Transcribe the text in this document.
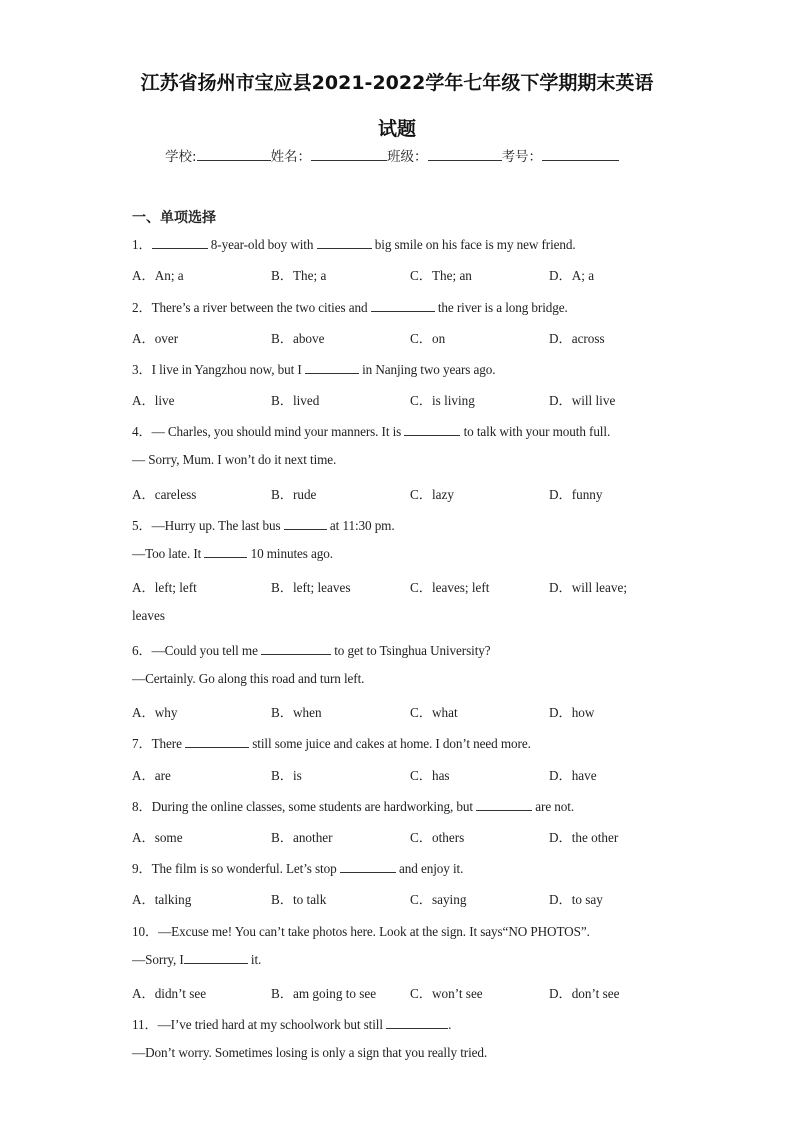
江苏省扬州市宝应县2021-2022学年七年级下学期期末英语
试题
学校:	姓名：	班级：	考号：
一、单项选择
1．	8-year-old boy with	big smile on his face is my new friend.
A．An; a	B．The; a	C．The; an	D．A; a
2．There’s a river between the two cities and	the river is a long bridge.
A．over	B．above	C．on	D．across
3．I live in Yangzhou now, but I	in Nanjing two years ago.
A．live	B．lived	C．is living	D．will live
4．— Charles, you should mind your manners. It is	to talk with your mouth full.
— Sorry, Mum. I won’t do it next time.
A．careless	B．rude	C．lazy	D．funny
5．—Hurry up. The last bus	at 11:30 pm.
—Too late. It	10 minutes ago.
A．left; left	B．left; leaves	C．leaves; left	D．will leave;
leaves
6．—Could you tell me	to get to Tsinghua University?
—Certainly. Go along this road and turn left.
A．why	B．when	C．what	D．how
7．There	still some juice and cakes at home. I don’t need more.
A．are	B．is	C．has	D．have
8．During the online classes, some students are hardworking, but	are not.
A．some	B．another	C．others	D．the other
9．The film is so wonderful. Let’s stop	and enjoy it.
A．talking	B．to talk	C．saying	D．to say
10．—Excuse me! You can’t take photos here. Look at the sign. It says“NO PHOTOS”.
—Sorry, I	it.
A．didn’t see	B．am going to see	C．won’t see	D．don’t see
11．—I’ve tried hard at my schoolwork but still	.
—Don’t worry. Sometimes losing is only a sign that you really tried.
